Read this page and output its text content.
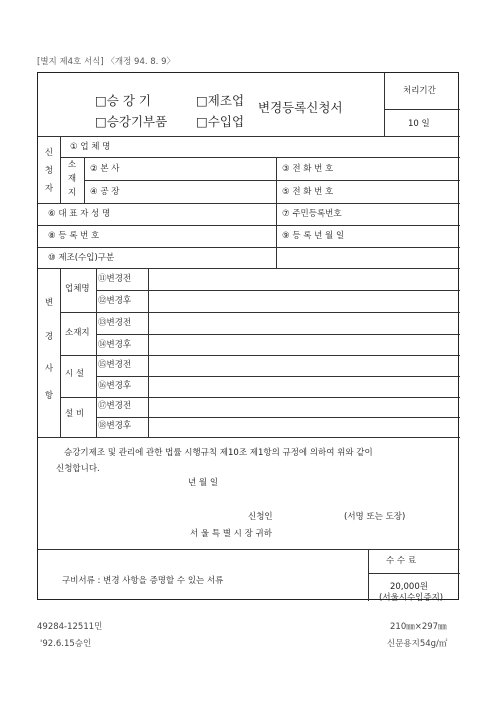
[별지 제4호 서식] 〈개정 94. 8. 9〉
□승 강 기	□제조업
□승강기부품 □수입업
변경등록신청서
처리기간
10 일
신
청
자
① 업 체 명
소
재
지
② 본 사	③ 전 화 번 호
④ 공 장	⑤ 전 화 번 호
⑥ 대 표 자 성 명	⑦ 주민등록번호
⑧ 등 록 번 호	⑨ 등 록 년 월 일
⑩ 제조(수입)구분
변
경
사
항
업체명
⑪변경전
⑫변경후
소재지
⑬변경전
⑭변경후
시 설
⑮변경전
⑯변경후
설 비
⑰변경전
⑱변경후
승강기제조 및 관리에 관한 법률 시행규칙 제10조 제1항의 규정에 의하여 위와 같이
신청합니다.
년 월 일
신청인	(서명 또는 도장)
서 울 특 별 시 장 귀하
구비서류 : 변경 사항을 증명할 수 있는 서류
수 수 료
20,000원
(서울시수입증지)
49284-12511민
'92.6.15승인
210㎜×297㎜
신문용지54g/㎡
